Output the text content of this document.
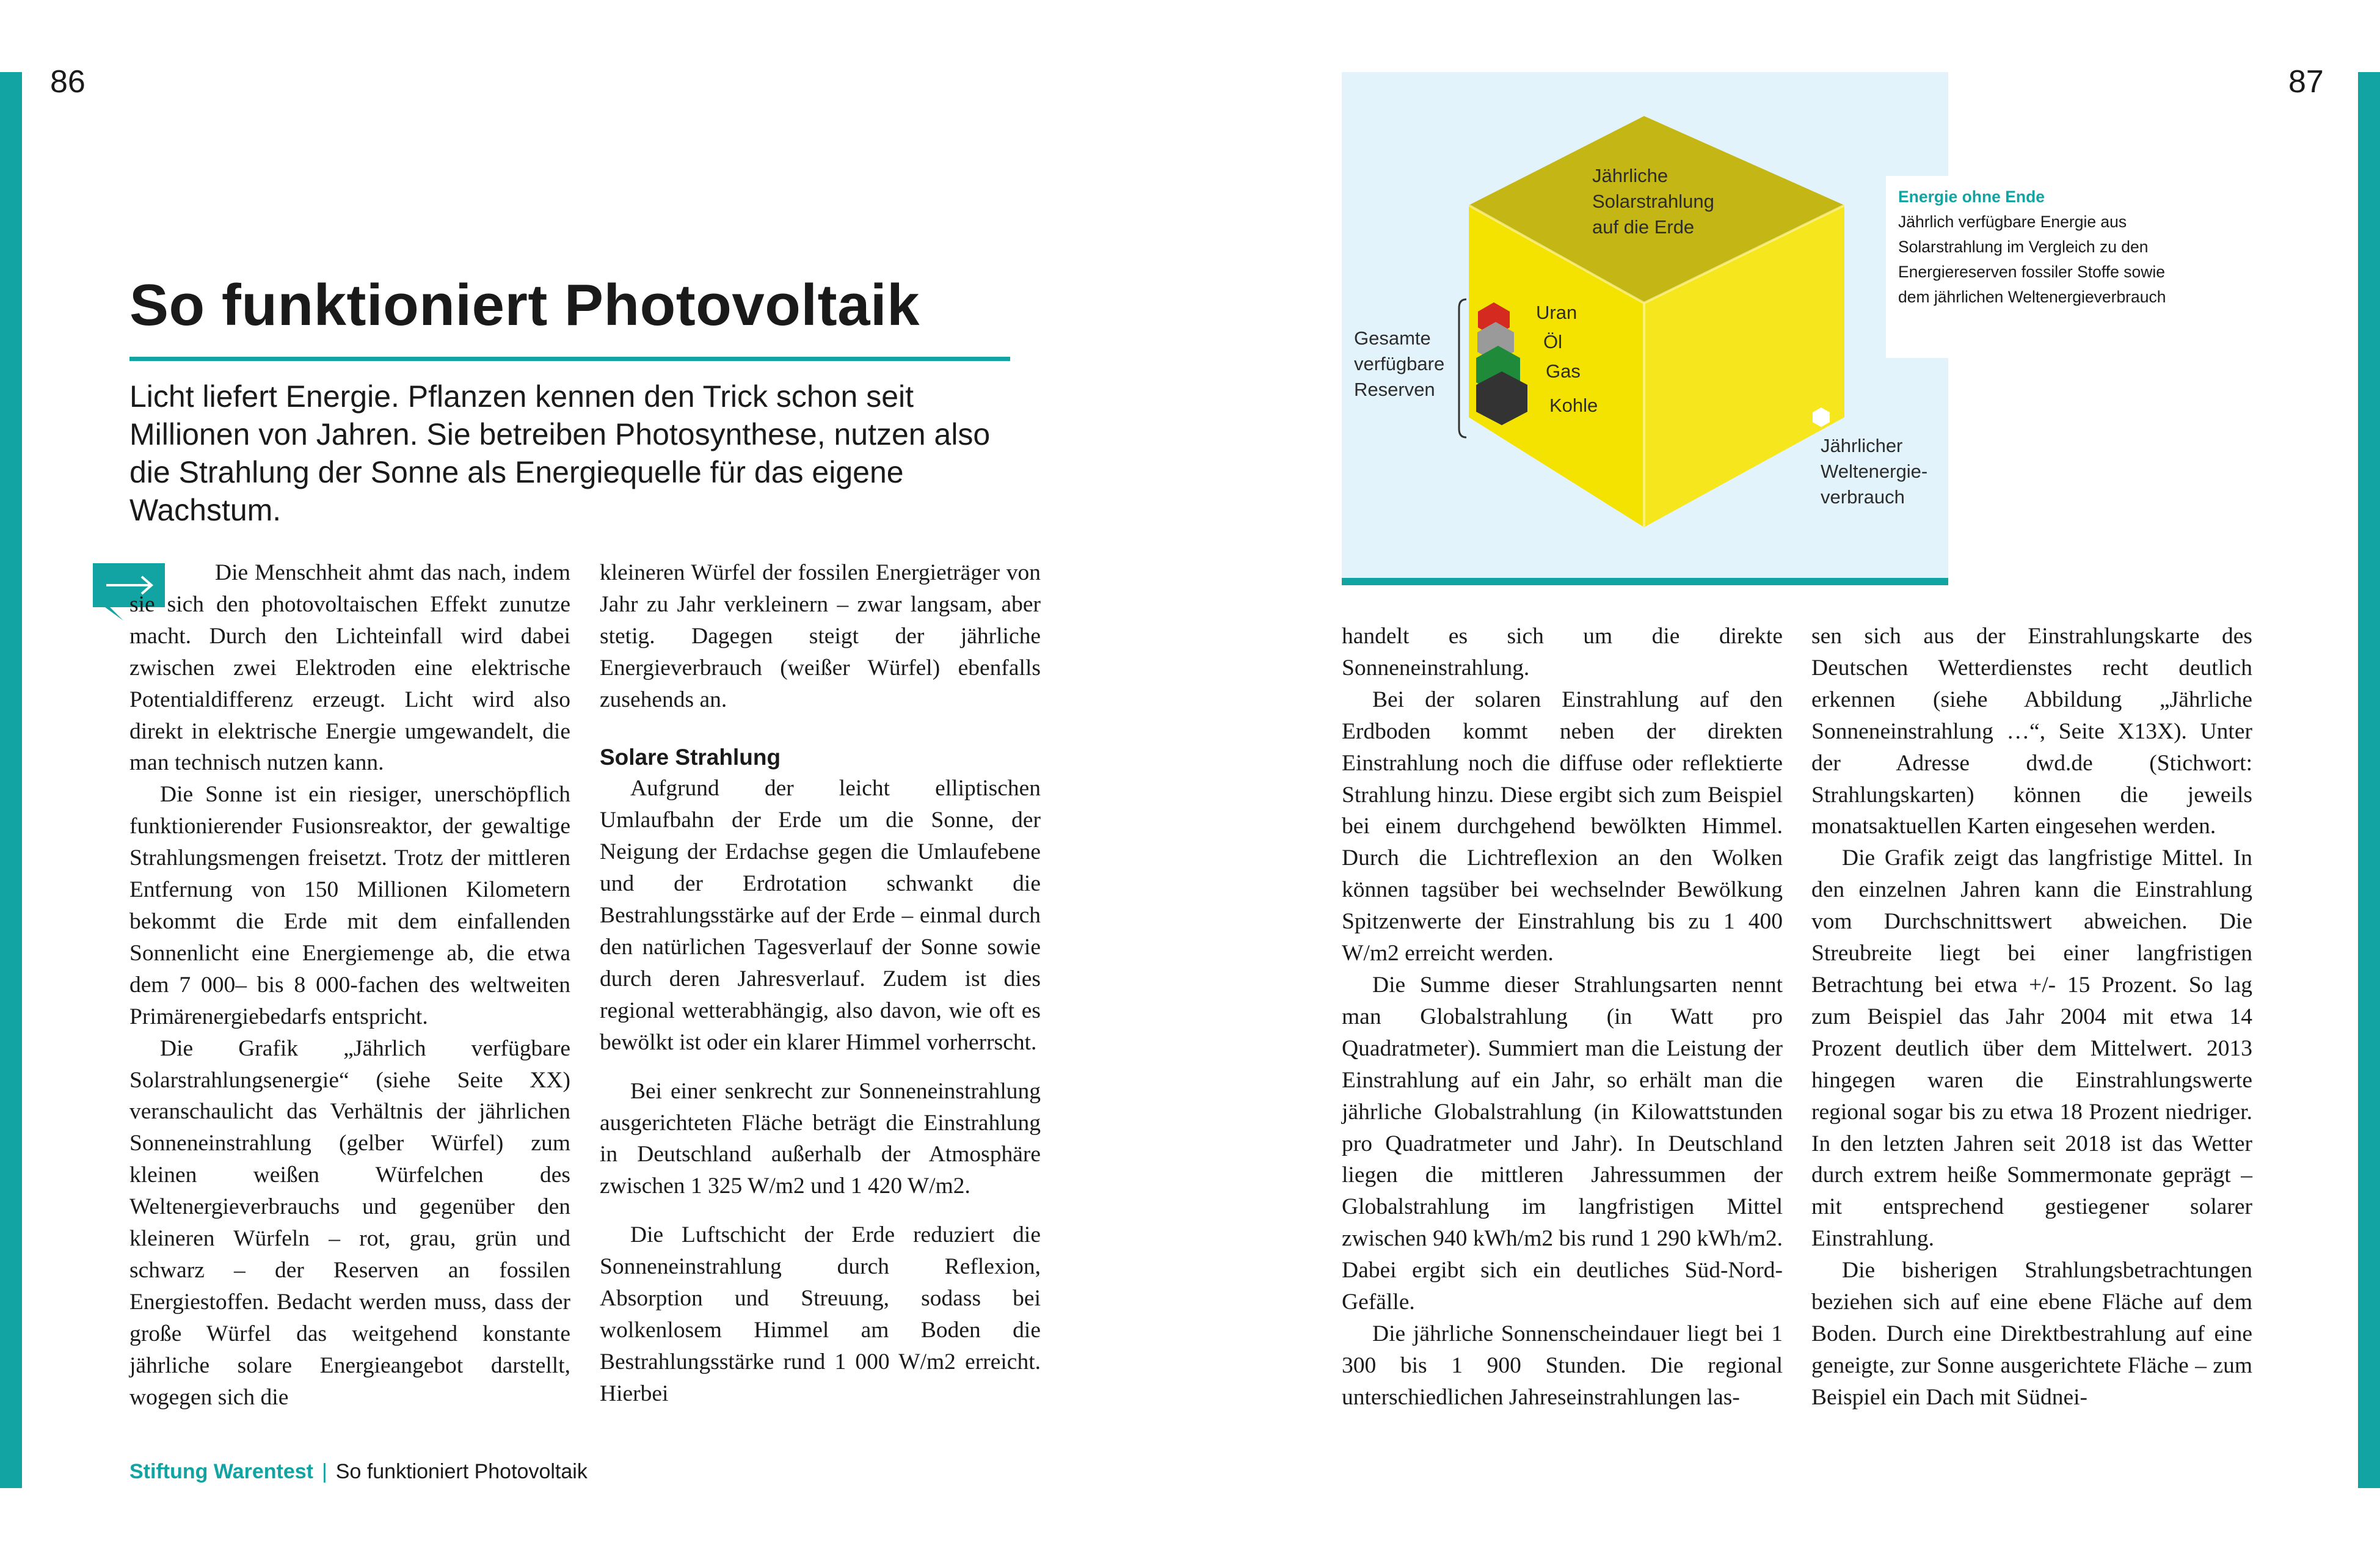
86	87
So funktioniert Photovoltaik

Licht liefert Energie. Pflanzen kennen den Trick schon seit Millionen von Jahren. Sie betreiben Photosynthese, nutzen also die Strahlung der Sonne als Energiequelle für das eigene Wachstum.

Die Menschheit ahmt das nach, indem sie sich den photovoltaischen Effekt zunutze macht. Durch den Lichteinfall wird dabei zwischen zwei Elektroden eine elektrische Potentialdifferenz erzeugt. Licht wird also direkt in elektrische Energie umgewandelt, die man technisch nutzen kann.

Die Sonne ist ein riesiger, unerschöpflich funktionierender Fusionsreaktor, der gewaltige Strahlungsmengen freisetzt. Trotz der mittleren Entfernung von 150 Millionen Kilometern bekommt die Erde mit dem einfallenden Sonnenlicht eine Energiemenge ab, die etwa dem 7 000– bis 8 000-fachen des weltweiten Primärenergiebedarfs entspricht.

Die Grafik „Jährlich verfügbare Solarstrahlungsenergie“ (siehe Seite XX) veranschaulicht das Verhältnis der jährlichen Sonneneinstrahlung (gelber Würfel) zum kleinen weißen Würfelchen des Weltenergieverbrauchs und gegenüber den kleineren Würfeln – rot, grau, grün und schwarz – der Reserven an fossilen Energiestoffen. Bedacht werden muss, dass der große Würfel das weitgehend konstante jährliche solare Energieangebot darstellt, wogegen sich die

kleineren Würfel der fossilen Energieträger von Jahr zu Jahr verkleinern – zwar langsam, aber stetig. Dagegen steigt der jährliche Energieverbrauch (weißer Würfel) ebenfalls zusehends an.

Solare Strahlung

Aufgrund der leicht elliptischen Umlaufbahn der Erde um die Sonne, der Neigung der Erdachse gegen die Umlaufebene und der Erdrotation schwankt die Bestrahlungsstärke auf der Erde – einmal durch den natürlichen Tagesverlauf der Sonne sowie durch deren Jahresverlauf. Zudem ist dies regional wetterabhängig, also davon, wie oft es bewölkt ist oder ein klarer Himmel vorherrscht.

Bei einer senkrecht zur Sonneneinstrahlung ausgerichteten Fläche beträgt die Einstrahlung in Deutschland außerhalb der Atmosphäre zwischen 1 325 W/m2 und 1 420 W/m2.

Die Luftschicht der Erde reduziert die Sonneneinstrahlung durch Reflexion, Absorption und Streuung, sodass bei wolkenlosem Himmel am Boden die Bestrahlungsstärke rund 1 000 W/m2 erreicht. Hierbei

Jährliche
Solarstrahlung
auf die Erde
Gesamte
verfügbare
Reserven
Uran
Öl
Gas
Kohle
Jährlicher
Weltenergie-
verbrauch
Energie ohne Ende
Jährlich verfügbare Energie aus Solarstrahlung im Vergleich zu den Energiereserven fossiler Stoffe sowie dem jährlichen Weltenergieverbrauch

handelt es sich um die direkte Sonneneinstrahlung.

Bei der solaren Einstrahlung auf den Erdboden kommt neben der direkten Einstrahlung noch die diffuse oder reflektierte Strahlung hinzu. Diese ergibt sich zum Beispiel bei einem durchgehend bewölkten Himmel. Durch die Lichtreflexion an den Wolken können tagsüber bei wechselnder Bewölkung Spitzenwerte der Einstrahlung bis zu 1 400 W/m2 erreicht werden.

Die Summe dieser Strahlungsarten nennt man Globalstrahlung (in Watt pro Quadratmeter). Summiert man die Leistung der Einstrahlung auf ein Jahr, so erhält man die jährliche Globalstrahlung (in Kilowattstunden pro Quadratmeter und Jahr). In Deutschland liegen die mittleren Jahressummen der Globalstrahlung im langfristigen Mittel zwischen 940 kWh/m2 bis rund 1 290 kWh/m2. Dabei ergibt sich ein deutliches Süd-Nord-Gefälle.

Die jährliche Sonnenscheindauer liegt bei 1 300 bis 1 900 Stunden. Die regional unterschiedlichen Jahreseinstrahlungen las-

sen sich aus der Einstrahlungskarte des Deutschen Wetterdienstes recht deutlich erkennen (siehe Abbildung „Jährliche Sonneneinstrahlung …“, Seite X13X). Unter der Adresse dwd.de (Stichwort: Strahlungskarten) können die jeweils monatsaktuellen Karten eingesehen werden.

Die Grafik zeigt das langfristige Mittel. In den einzelnen Jahren kann die Einstrahlung vom Durchschnittswert abweichen. Die Streubreite liegt bei einer langfristigen Betrachtung bei etwa +/- 15 Prozent. So lag zum Beispiel das Jahr 2004 mit etwa 14 Prozent deutlich über dem Mittelwert. 2013 hingegen waren die Einstrahlungswerte regional sogar bis zu etwa 18 Prozent niedriger. In den letzten Jahren seit 2018 ist das Wetter durch extrem heiße Sommermonate geprägt – mit entsprechend gestiegener solarer Einstrahlung.

Die bisherigen Strahlungsbetrachtungen beziehen sich auf eine ebene Fläche auf dem Boden. Durch eine Direktbestrahlung auf eine geneigte, zur Sonne ausgerichtete Fläche – zum Beispiel ein Dach mit Südnei-

Stiftung Warentest | So funktioniert Photovoltaik
